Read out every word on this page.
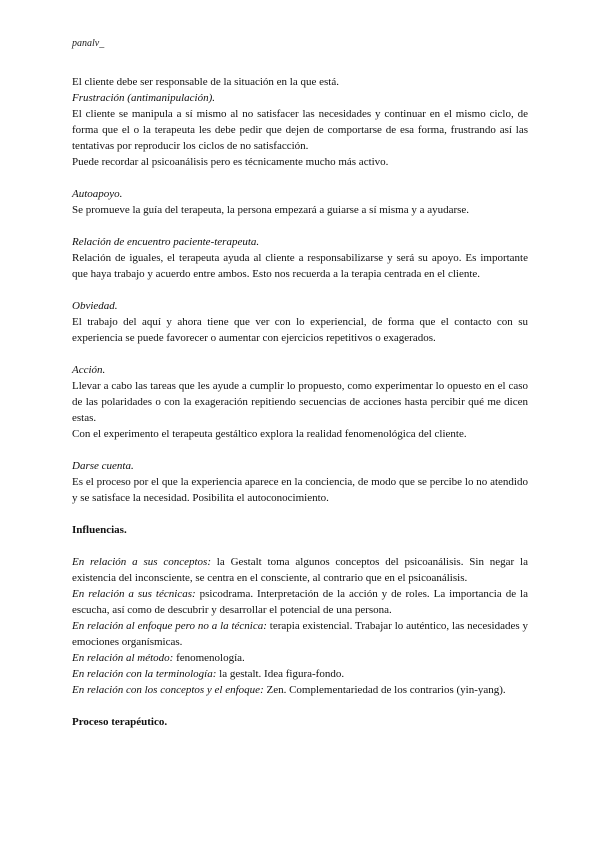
panalv_

El cliente debe ser responsable de la situación en la que está.

Frustración (antimanipulación).

El cliente se manipula a sí mismo al no satisfacer las necesidades y continuar en el mismo ciclo, de forma que el o la terapeuta les debe pedir que dejen de comportarse de esa forma, frustrando así las tentativas por reproducir los ciclos de no satisfacción.

Puede recordar al psicoanálisis pero es técnicamente mucho más activo.

Autoapoyo.

Se promueve la guía del terapeuta, la persona empezará a guiarse a sí misma y a ayudarse.

Relación de encuentro paciente-terapeuta.

Relación de iguales, el terapeuta ayuda al cliente a responsabilizarse y será su apoyo. Es importante que haya trabajo y acuerdo entre ambos. Esto nos recuerda a la terapia centrada en el cliente.

Obviedad.

El trabajo del aquí y ahora tiene que ver con lo experiencial, de forma que el contacto con su experiencia se puede favorecer o aumentar con ejercicios repetitivos o exagerados.

Acción.

Llevar a cabo las tareas que les ayude a cumplir lo propuesto, como experimentar lo opuesto en el caso de las polaridades o con la exageración repitiendo secuencias de acciones hasta percibir qué me dicen estas.

Con el experimento el terapeuta gestáltico explora la realidad fenomenológica del cliente.

Darse cuenta.

Es el proceso por el que la experiencia aparece en la conciencia, de modo que se percibe lo no atendido y se satisface la necesidad. Posibilita el autoconocimiento.

Influencias.

En relación a sus conceptos: la Gestalt toma algunos conceptos del psicoanálisis. Sin negar la existencia del inconsciente, se centra en el consciente, al contrario que en el psicoanálisis.

En relación a sus técnicas: psicodrama. Interpretación de la acción y de roles. La importancia de la escucha, así como de descubrir y desarrollar el potencial de una persona.

En relación al enfoque pero no a la técnica: terapia existencial. Trabajar lo auténtico, las necesidades y emociones organísmicas.

En relación al método: fenomenología.

En relación con la terminología: la gestalt. Idea figura-fondo.

En relación con los conceptos y el enfoque: Zen. Complementariedad de los contrarios (yin-yang).

Proceso terapéutico.
